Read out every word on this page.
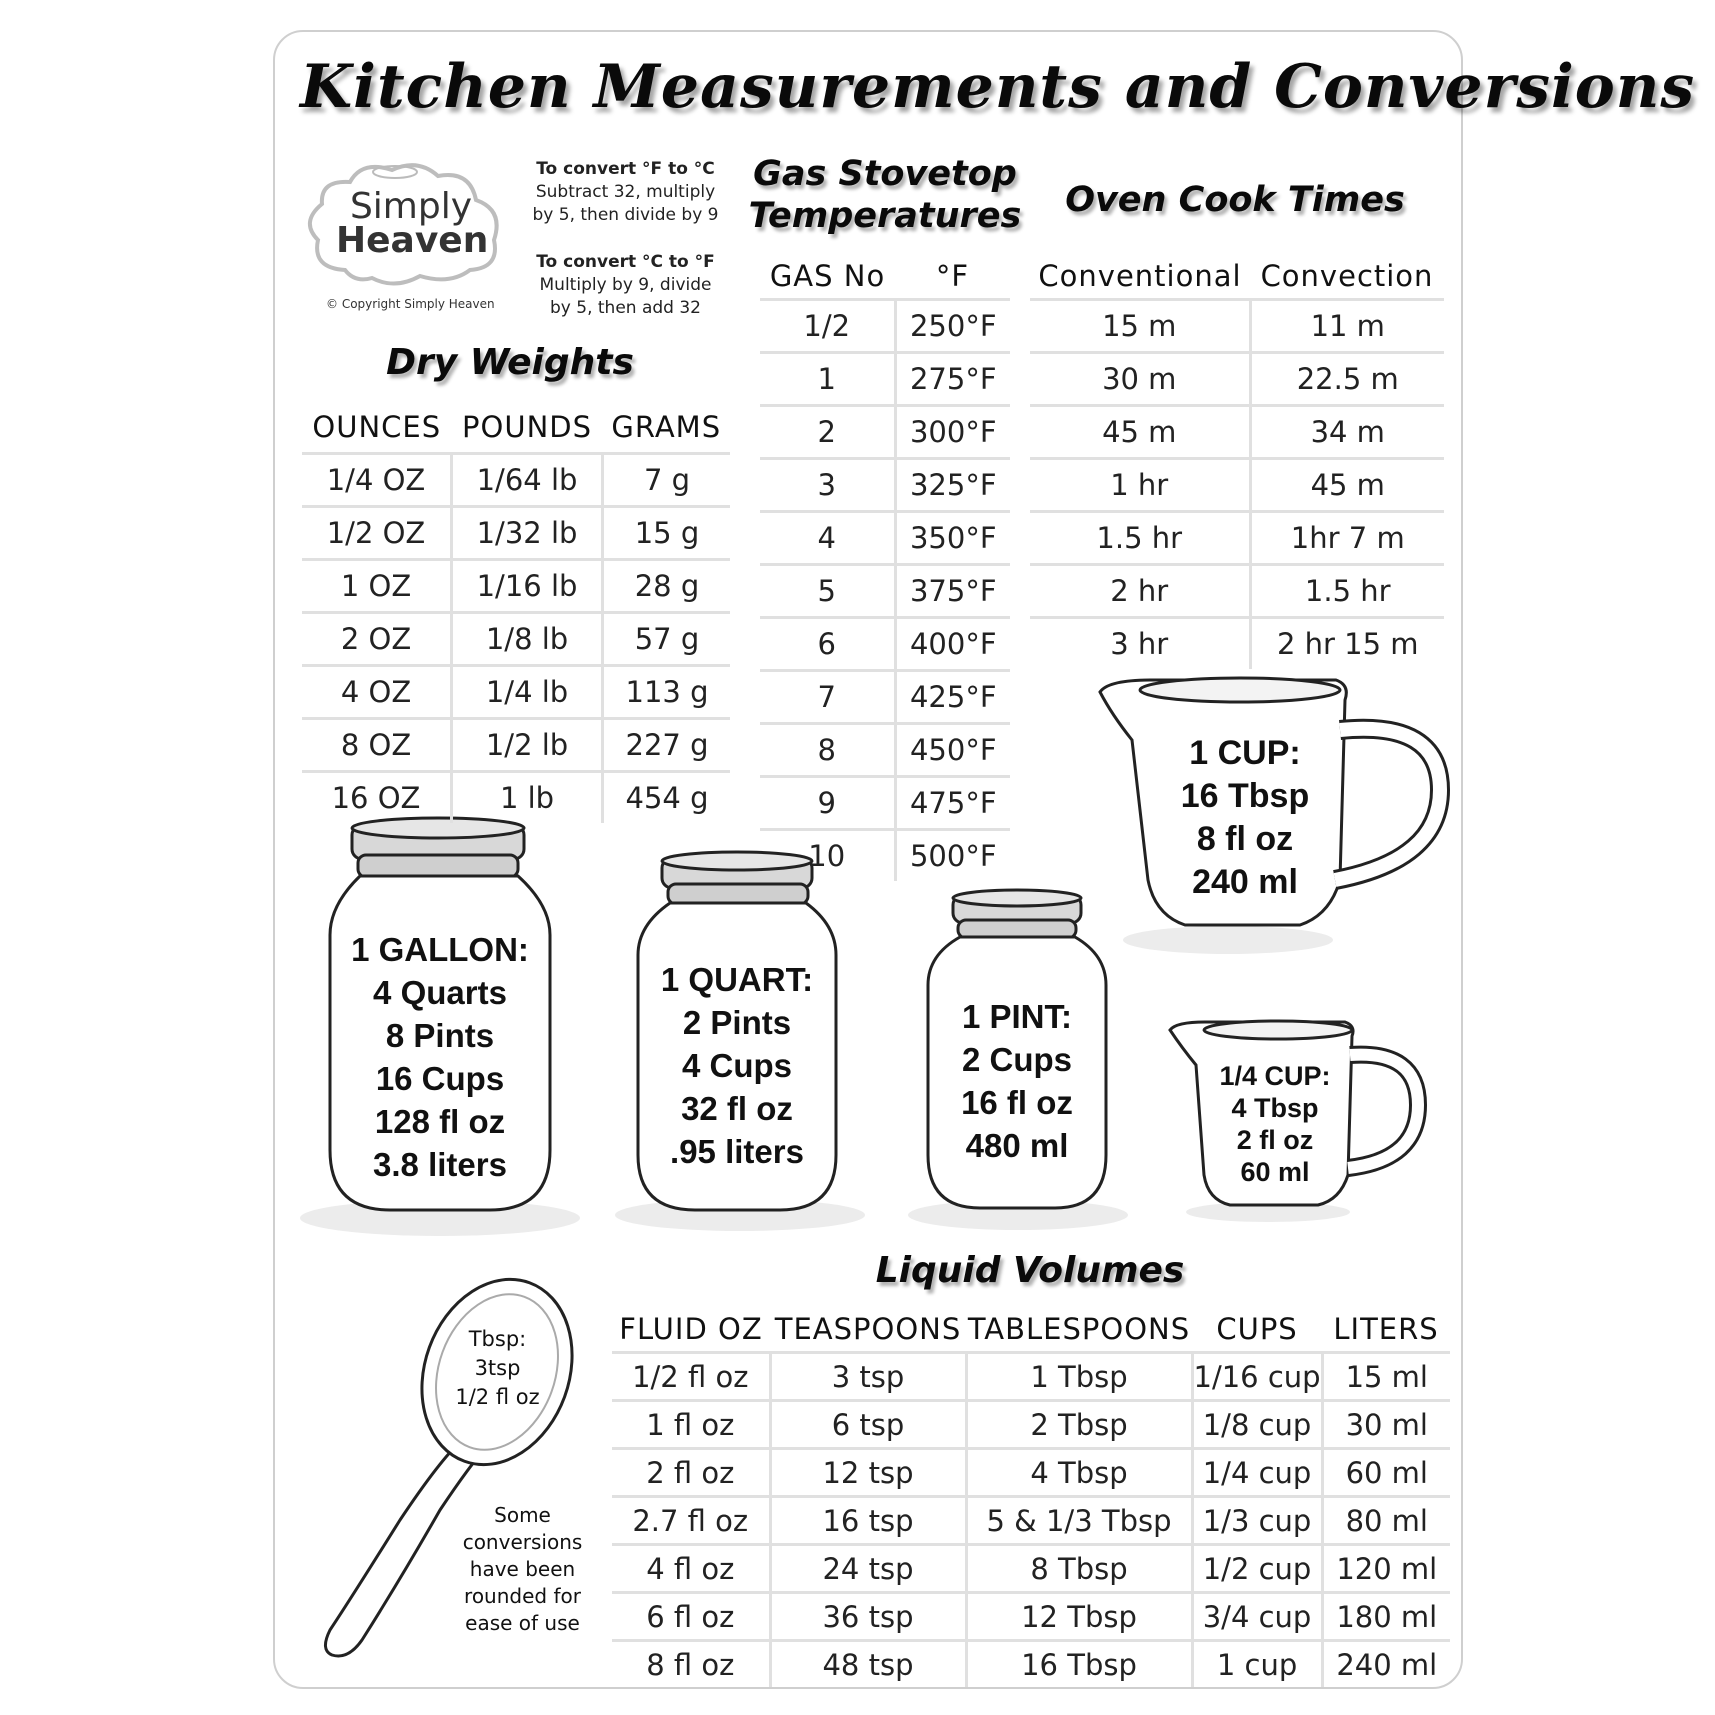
Kitchen Measurements and Conversions
Simply
Heaven
© Copyright Simply Heaven
To convert °F to °C
Subtract 32, multiply
by 5, then divide by 9
To convert °C to °F
Multiply by 9, divide
by 5, then add 32
Dry Weights
Gas Stovetop
Temperatures Oven Cook Times
Liquid Volumes
OUNCES	POUNDS	GRAMS
1/4 OZ	1/64 lb	7 g
1/2 OZ	1/32 lb	15 g
1 OZ	1/16 lb	28 g
2 OZ	1/8 lb	57 g
4 OZ	1/4 lb	113 g
8 OZ	1/2 lb	227 g
16 OZ	1 lb	454 g
GAS No	°F
1/2	250°F
1	275°F
2	300°F
3	325°F
4	350°F
5	375°F
6	400°F
7	425°F
8	450°F
9	475°F
10	500°F
Conventional	Convection
15 m	11 m
30 m	22.5 m
45 m	34 m
1 hr	45 m
1.5 hr	1hr 7 m
2 hr	1.5 hr
3 hr	2 hr 15 m
FLUID OZ	TEASPOONS	TABLESPOONS	CUPS	LITERS
1/2 fl oz	3 tsp	1 Tbsp	1/16 cup	15 ml
1 fl oz	6 tsp	2 Tbsp	1/8 cup	30 ml
2 fl oz	12 tsp	4 Tbsp	1/4 cup	60 ml
2.7 fl oz	16 tsp	5 & 1/3 Tbsp	1/3 cup	80 ml
4 fl oz	24 tsp	8 Tbsp	1/2 cup	120 ml
6 fl oz	36 tsp	12 Tbsp	3/4 cup	180 ml
8 fl oz	48 tsp	16 Tbsp	1 cup	240 ml
1 GALLON:
4 Quarts
8 Pints
16 Cups
128 fl oz
3.8 liters
1 QUART:
2 Pints
4 Cups
32 fl oz
.95 liters
1 PINT:
2 Cups
16 fl oz
480 ml
1 CUP:
16 Tbsp
8 fl oz
240 ml
1/4 CUP:
4 Tbsp
2 fl oz
60 ml
Tbsp:
3tsp
1/2 fl oz
Some
conversions
have been
rounded for
ease of use
